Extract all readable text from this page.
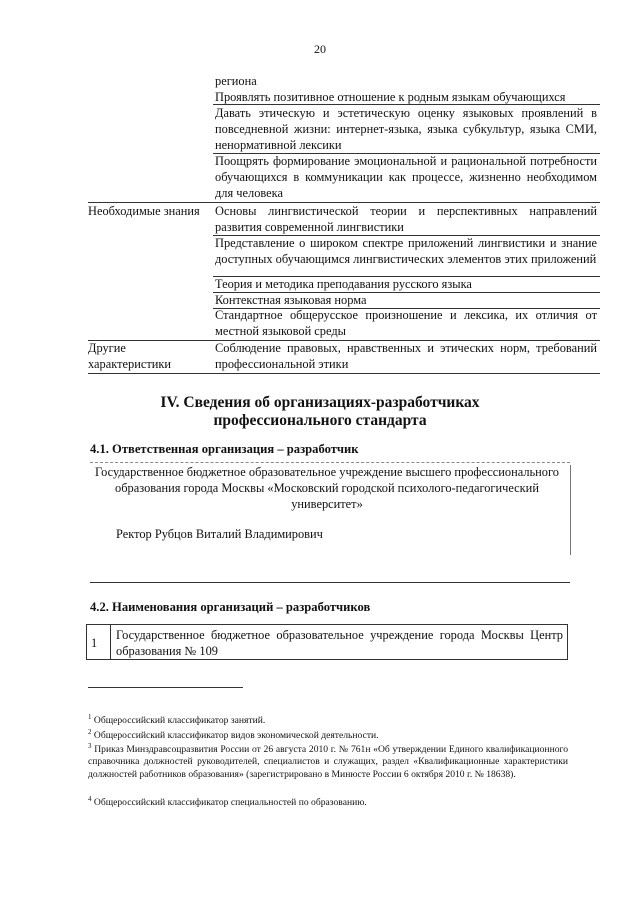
20
региона
Проявлять позитивное отношение к родным языкам обучающихся
Давать этическую и эстетическую оценку языковых проявлений в повседневной жизни: интернет-языка, языка субкультур, языка СМИ, ненормативной лексики
Поощрять формирование эмоциональной и рациональной потребности обучающихся в коммуникации как процессе, жизненно необходимом для человека
Необходимые знания	Основы лингвистической теории и перспективных направлений развития современной лингвистики
Представление о широком спектре приложений лингвистики и знание доступных обучающимся лингвистических элементов этих приложений
Теория и методика преподавания русского языка
Контекстная языковая норма
Стандартное общерусское произношение и лексика, их отличия от местной языковой среды
Другие характеристики
Соблюдение правовых, нравственных и этических норм, требований профессиональной этики
IV. Сведения об организациях-разработчиках
профессионального стандарта
4.1. Ответственная организация – разработчик
Государственное бюджетное образовательное учреждение высшего профессионального образования города Москвы «Московский городской психолого-педагогический университет»
Ректор Рубцов Виталий Владимирович
4.2. Наименования организаций – разработчиков
1
Государственное бюджетное образовательное учреждение города Москвы Центр образования № 109
$^1$ Общероссийский классификатор занятий.
$^2$ Общероссийский классификатор видов экономической деятельности.
$^3$ Приказ Минздравсоцразвития России от 26 августа 2010 г. № 761н «Об утверждении Единого квалификационного справочника должностей руководителей, специалистов и служащих, раздел «Квалификационные характеристики должностей работников образования» (зарегистрировано в Минюсте России 6 октября 2010 г. № 18638).
$^4$ Общероссийский классификатор специальностей по образованию.
